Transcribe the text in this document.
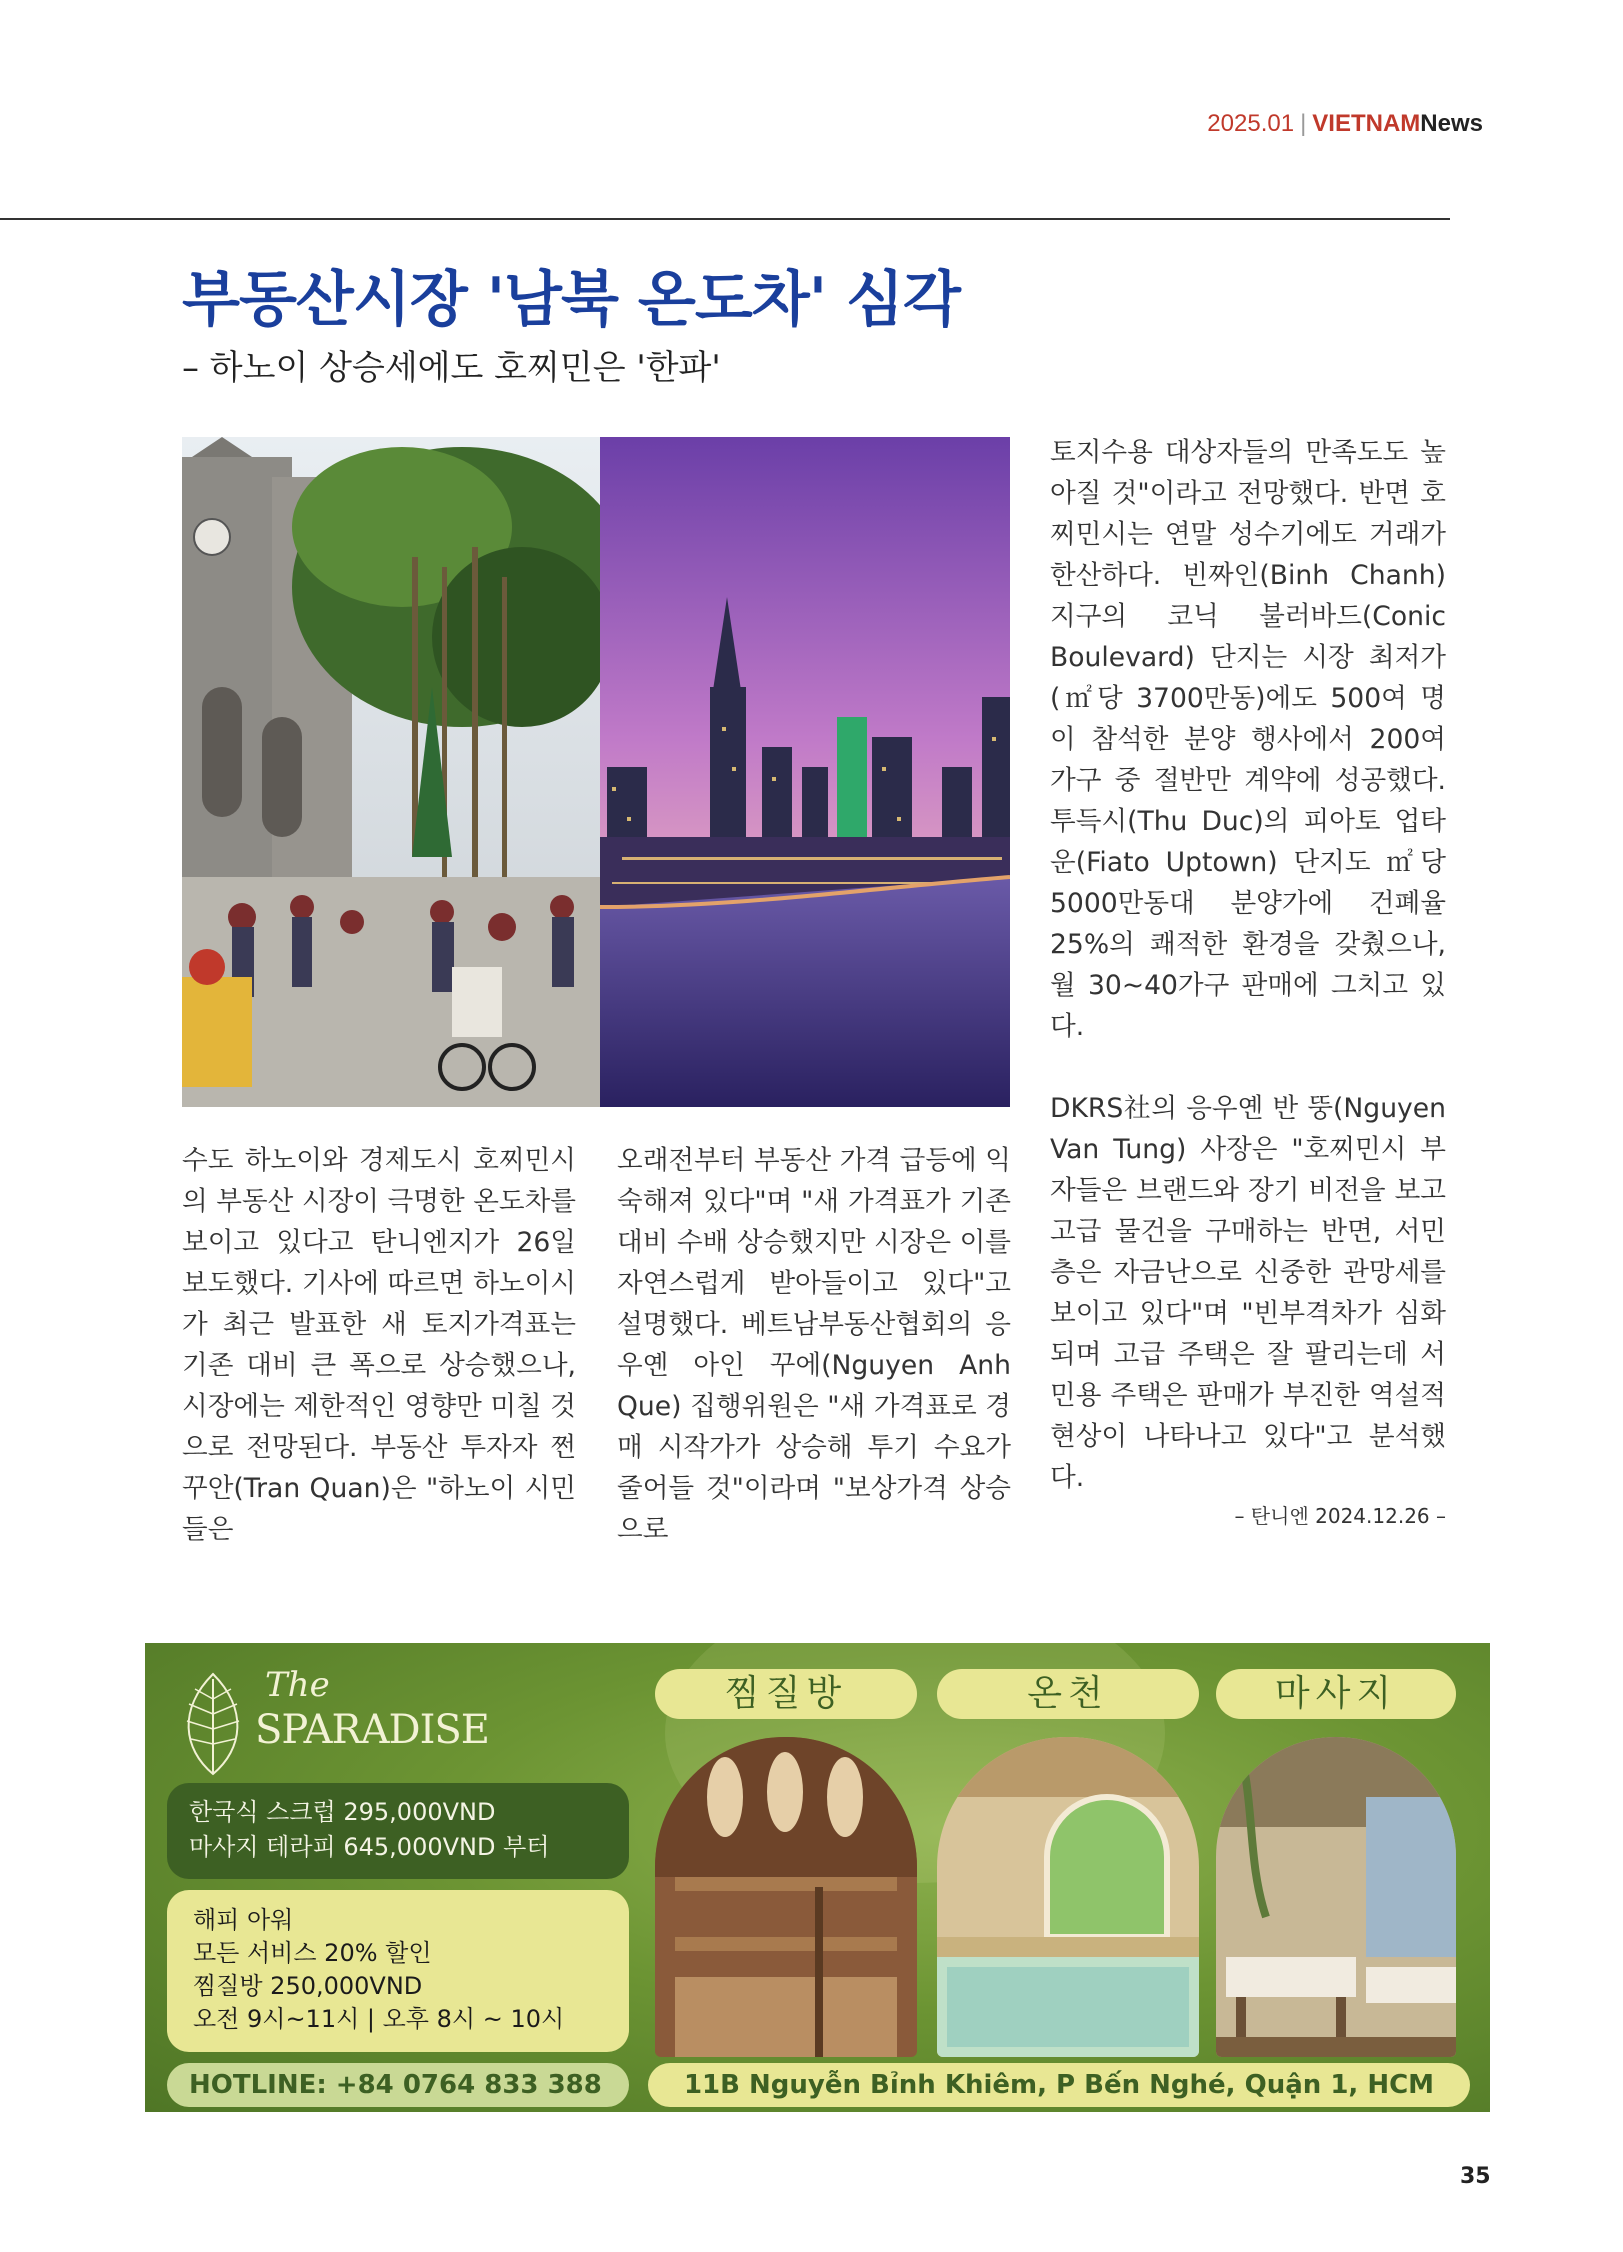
2025.01 | VIETNAMNews
부동산시장 '남북 온도차' 심각
– 하노이 상승세에도 호찌민은 '한파'

수도 하노이와 경제도시 호찌민시의 부동산 시장이 극명한 온도차를 보이고 있다고 탄니엔지가 26일 보도했다. 기사에 따르면 하노이시가 최근 발표한 새 토지가격표는 기존 대비 큰 폭으로 상승했으나, 시장에는 제한적인 영향만 미칠 것으로 전망된다. 부동산 투자자 쩐 꾸안(Tran Quan)은 "하노이 시민들은

오래전부터 부동산 가격 급등에 익숙해져 있다"며 "새 가격표가 기존 대비 수배 상승했지만 시장은 이를 자연스럽게 받아들이고 있다"고 설명했다. 베트남부동산협회의 응우옌 아인 꾸에(Nguyen Anh Que) 집행위원은 "새 가격표로 경매 시작가가 상승해 투기 수요가 줄어들 것"이라며 "보상가격 상승으로

토지수용 대상자들의 만족도도 높아질 것"이라고 전망했다. 반면 호찌민시는 연말 성수기에도 거래가 한산하다. 빈짜인(Binh Chanh) 지구의 코닉 불러바드(Conic Boulevard) 단지는 시장 최저가(㎡당 3700만동)에도 500여 명이 참석한 분양 행사에서 200여 가구 중 절반만 계약에 성공했다. 투득시(Thu Duc)의 피아토 업타운(Fiato Uptown) 단지도 ㎡당 5000만동대 분양가에 건폐율 25%의 쾌적한 환경을 갖췄으나, 월 30~40가구 판매에 그치고 있다.

DKRS社의 응우옌 반 뚱(Nguyen Van Tung) 사장은 "호찌민시 부자들은 브랜드와 장기 비전을 보고 고급 물건을 구매하는 반면, 서민층은 자금난으로 신중한 관망세를 보이고 있다"며 "빈부격차가 심화되며 고급 주택은 잘 팔리는데 서민용 주택은 판매가 부진한 역설적 현상이 나타나고 있다"고 분석했다.

– 탄니엔 2024.12.26 –
The
SPARADISE
한국식 스크럽 295,000VND
마사지 테라피 645,000VND 부터
해피 아워
모든 서비스 20% 할인
찜질방 250,000VND
오전 9시~11시 | 오후 8시 ~ 10시
HOTLINE: +84 0764 833 388	11B Nguyễn Bỉnh Khiêm, P Bến Nghé, Quận 1, HCM
찜질방	온천	마사지
35
